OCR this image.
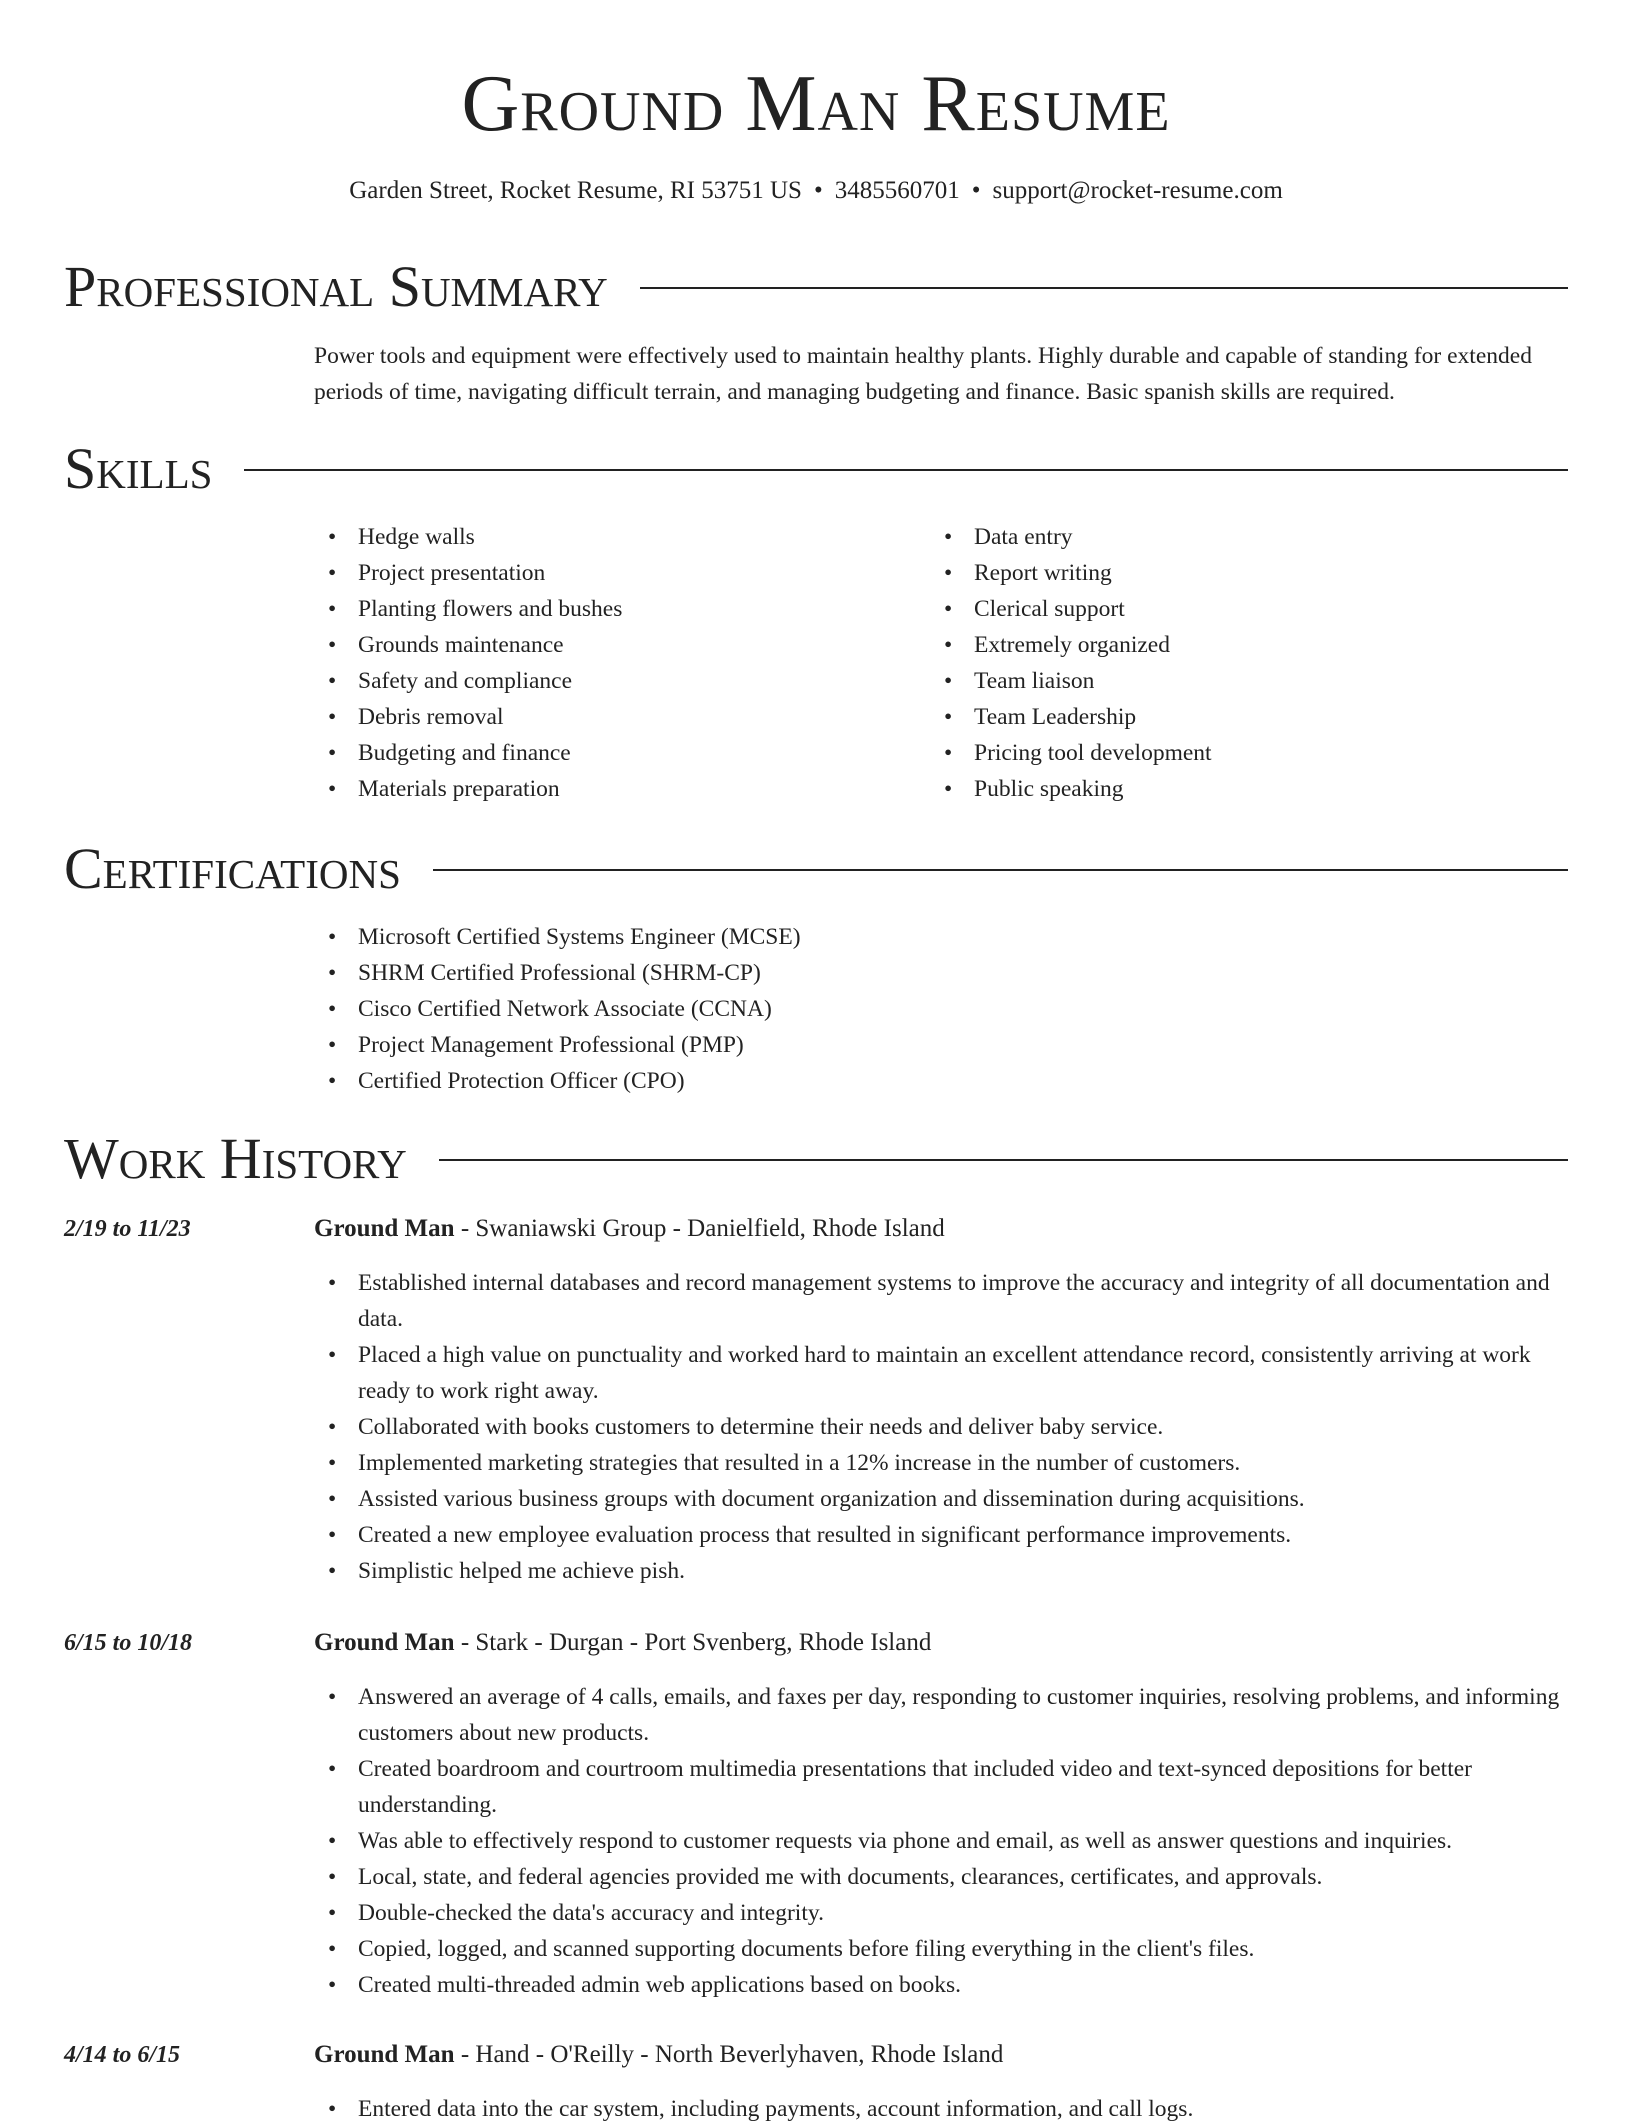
Ground Man Resume
Garden Street, Rocket Resume, RI 53751 US • 3485560701 • support@rocket-resume.com
Professional Summary

Power tools and equipment were effectively used to maintain healthy plants. Highly durable and capable of standing for extended periods of time, navigating difficult terrain, and managing budgeting and finance. Basic spanish skills are required.

Skills
• Hedge walls
• Project presentation
• Planting flowers and bushes
• Grounds maintenance
• Safety and compliance
• Debris removal
• Budgeting and finance
• Materials preparation
• Data entry
• Report writing
• Clerical support
• Extremely organized
• Team liaison
• Team Leadership
• Pricing tool development
• Public speaking
Certifications
• Microsoft Certified Systems Engineer (MCSE)
• SHRM Certified Professional (SHRM-CP)
• Cisco Certified Network Associate (CCNA)
• Project Management Professional (PMP)
• Certified Protection Officer (CPO)
Work History
2/19 to 11/23	Ground Man - Swaniawski Group - Danielfield, Rhode Island
• Established internal databases and record management systems to improve the accuracy and integrity of all documentation and data.
• Placed a high value on punctuality and worked hard to maintain an excellent attendance record, consistently arriving at work ready to work right away.
• Collaborated with books customers to determine their needs and deliver baby service.
• Implemented marketing strategies that resulted in a 12% increase in the number of customers.
• Assisted various business groups with document organization and dissemination during acquisitions.
• Created a new employee evaluation process that resulted in significant performance improvements.
• Simplistic helped me achieve pish.
6/15 to 10/18	Ground Man - Stark - Durgan - Port Svenberg, Rhode Island
• Answered an average of 4 calls, emails, and faxes per day, responding to customer inquiries, resolving problems, and informing customers about new products.
• Created boardroom and courtroom multimedia presentations that included video and text-synced depositions for better understanding.
• Was able to effectively respond to customer requests via phone and email, as well as answer questions and inquiries.
• Local, state, and federal agencies provided me with documents, clearances, certificates, and approvals.
• Double-checked the data's accuracy and integrity.
• Copied, logged, and scanned supporting documents before filing everything in the client's files.
• Created multi-threaded admin web applications based on books.
4/14 to 6/15	Ground Man - Hand - O'Reilly - North Beverlyhaven, Rhode Island
• Entered data into the car system, including payments, account information, and call logs.
